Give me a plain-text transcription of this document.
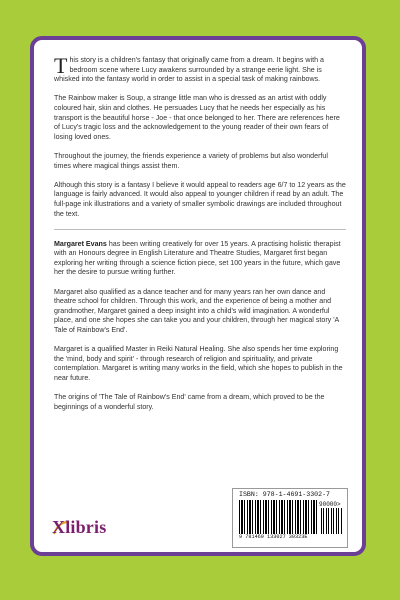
This story is a children's fantasy that originally came from a dream. It begins with a bedroom scene where Lucy awakens surrounded by a strange eerie light. She is whisked into the fantasy world in order to assist in a special task of making rainbows.

The Rainbow maker is Soup, a strange little man who is dressed as an artist with oddly coloured hair, skin and clothes. He persuades Lucy that he needs her especially as his transport is the beautiful horse - Joe - that once belonged to her. There are references here of Lucy's tragic loss and the acknowledgement to the young reader of their own fears of losing loved ones.

Throughout the journey, the friends experience a variety of problems but also wonderful times where magical things assist them.

Although this story is a fantasy I believe it would appeal to readers age 6/7 to 12 years as the language is fairly advanced. It would also appeal to younger children if read by an adult. The full-page ink illustrations and a variety of smaller symbolic drawings are included throughout the text.

Margaret Evans has been writing creatively for over 15 years. A practising holistic therapist with an Honours degree in English Literature and Theatre Studies, Margaret first began exploring her writing through a science fiction piece, set 100 years in the future, which gave her the desire to pursue writing further.

Margaret also qualified as a dance teacher and for many years ran her own dance and theatre school for children. Through this work, and the experience of being a mother and grandmother, Margaret gained a deep insight into a child's wild imagination. A wonderful place, and one she hopes she can take you and your children, through her magical story 'A Tale of Rainbow's End'.

Margaret is a qualified Master in Reiki Natural Healing. She also spends her time exploring the 'mind, body and spirit' - through research of religion and spirituality, and private contemplation. Margaret is writing many works in the field, which she hopes to publish in the near future.

The origins of 'The Tale of Rainbow's End' came from a dream, which proved to be the beginnings of a wonderful story.

Xlibris
ISBN: 978-1-4691-3302-7
9 781469 133027 30323E
90000>
